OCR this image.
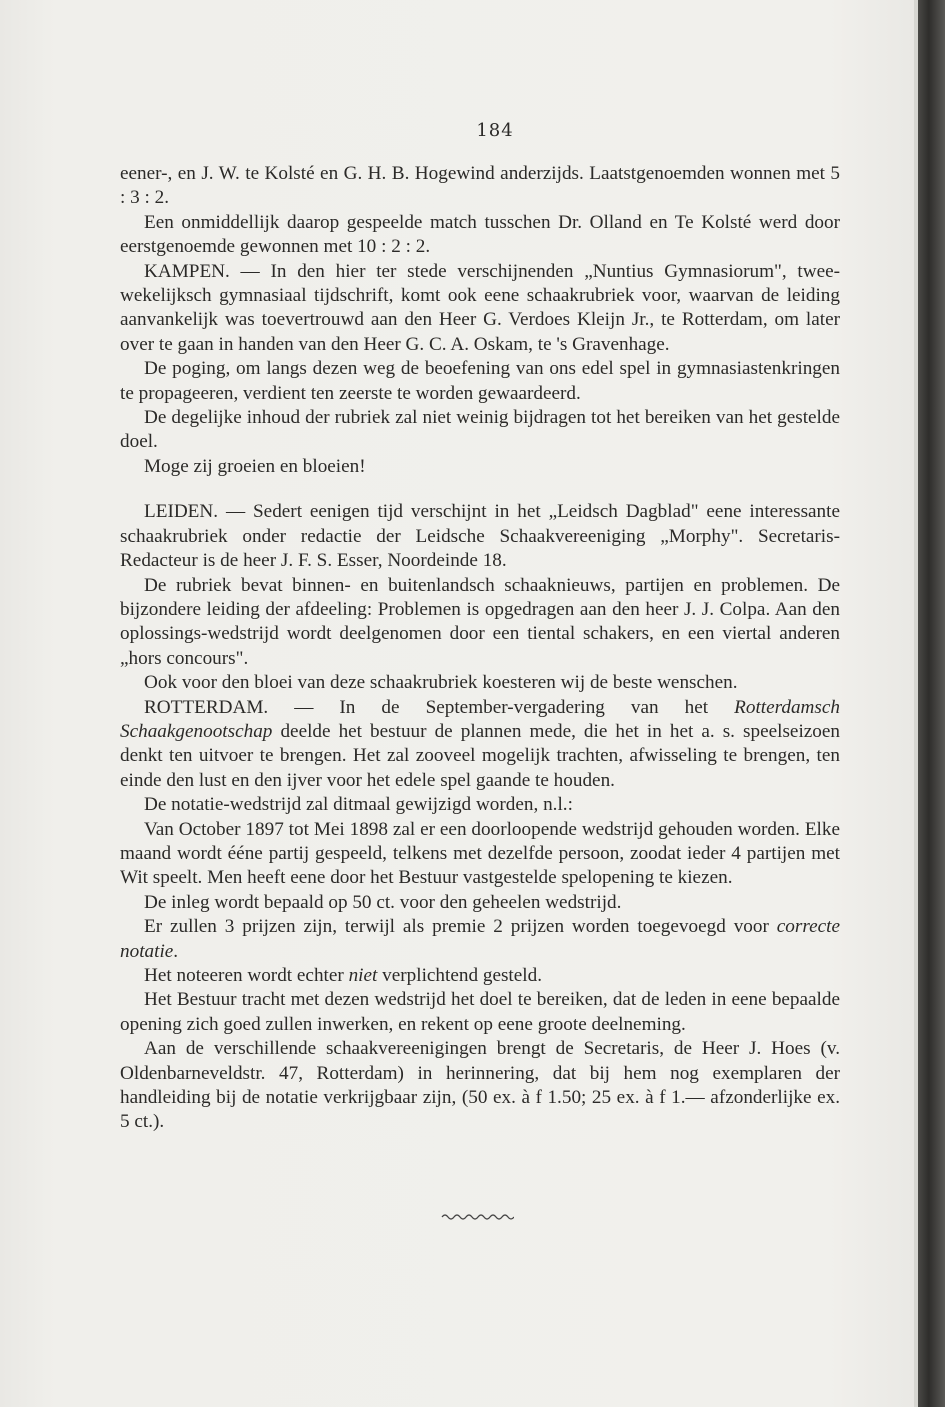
184

eener-, en J. W. te Kolsté en G. H. B. Hogewind anderzijds. Laatstgenoemden wonnen met 5 : 3 : 2.

Een onmiddellijk daarop gespeelde match tusschen Dr. Olland en Te Kolsté werd door eerstgenoemde gewonnen met 10 : 2 : 2.

KAMPEN. — In den hier ter stede verschijnenden „Nuntius Gymnasiorum", twee-wekelijksch gymnasiaal tijdschrift, komt ook eene schaakrubriek voor, waarvan de leiding aanvankelijk was toevertrouwd aan den Heer G. Verdoes Kleijn Jr., te Rotterdam, om later over te gaan in handen van den Heer G. C. A. Oskam, te 's Gravenhage.

De poging, om langs dezen weg de beoefening van ons edel spel in gymnasiastenkringen te propageeren, verdient ten zeerste te worden gewaardeerd.

De degelijke inhoud der rubriek zal niet weinig bijdragen tot het bereiken van het gestelde doel.

Moge zij groeien en bloeien!

LEIDEN. — Sedert eenigen tijd verschijnt in het „Leidsch Dagblad" eene interessante schaakrubriek onder redactie der Leidsche Schaakvereeniging „Morphy". Secretaris-Redacteur is de heer J. F. S. Esser, Noordeinde 18.

De rubriek bevat binnen- en buitenlandsch schaaknieuws, partijen en problemen. De bijzondere leiding der afdeeling: Problemen is opgedragen aan den heer J. J. Colpa. Aan den oplossings-wedstrijd wordt deelgenomen door een tiental schakers, en een viertal anderen „hors concours".

Ook voor den bloei van deze schaakrubriek koesteren wij de beste wenschen.

ROTTERDAM. — In de September-vergadering van het Rotterdamsch Schaakgenootschap deelde het bestuur de plannen mede, die het in het a. s. speelseizoen denkt ten uitvoer te brengen. Het zal zooveel mogelijk trachten, afwisseling te brengen, ten einde den lust en den ijver voor het edele spel gaande te houden.

De notatie-wedstrijd zal ditmaal gewijzigd worden, n.l.:

Van October 1897 tot Mei 1898 zal er een doorloopende wedstrijd gehouden worden. Elke maand wordt ééne partij gespeeld, telkens met dezelfde persoon, zoodat ieder 4 partijen met Wit speelt. Men heeft eene door het Bestuur vastgestelde spelopening te kiezen.

De inleg wordt bepaald op 50 ct. voor den geheelen wedstrijd.

Er zullen 3 prijzen zijn, terwijl als premie 2 prijzen worden toegevoegd voor correcte notatie.

Het noteeren wordt echter niet verplichtend gesteld.

Het Bestuur tracht met dezen wedstrijd het doel te bereiken, dat de leden in eene bepaalde opening zich goed zullen inwerken, en rekent op eene groote deelneming.

Aan de verschillende schaakvereenigingen brengt de Secretaris, de Heer J. Hoes (v. Oldenbarneveldstr. 47, Rotterdam) in herinnering, dat bij hem nog exemplaren der handleiding bij de notatie verkrijgbaar zijn, (50 ex. à f 1.50; 25 ex. à f 1.— afzonderlijke ex. 5 ct.).
